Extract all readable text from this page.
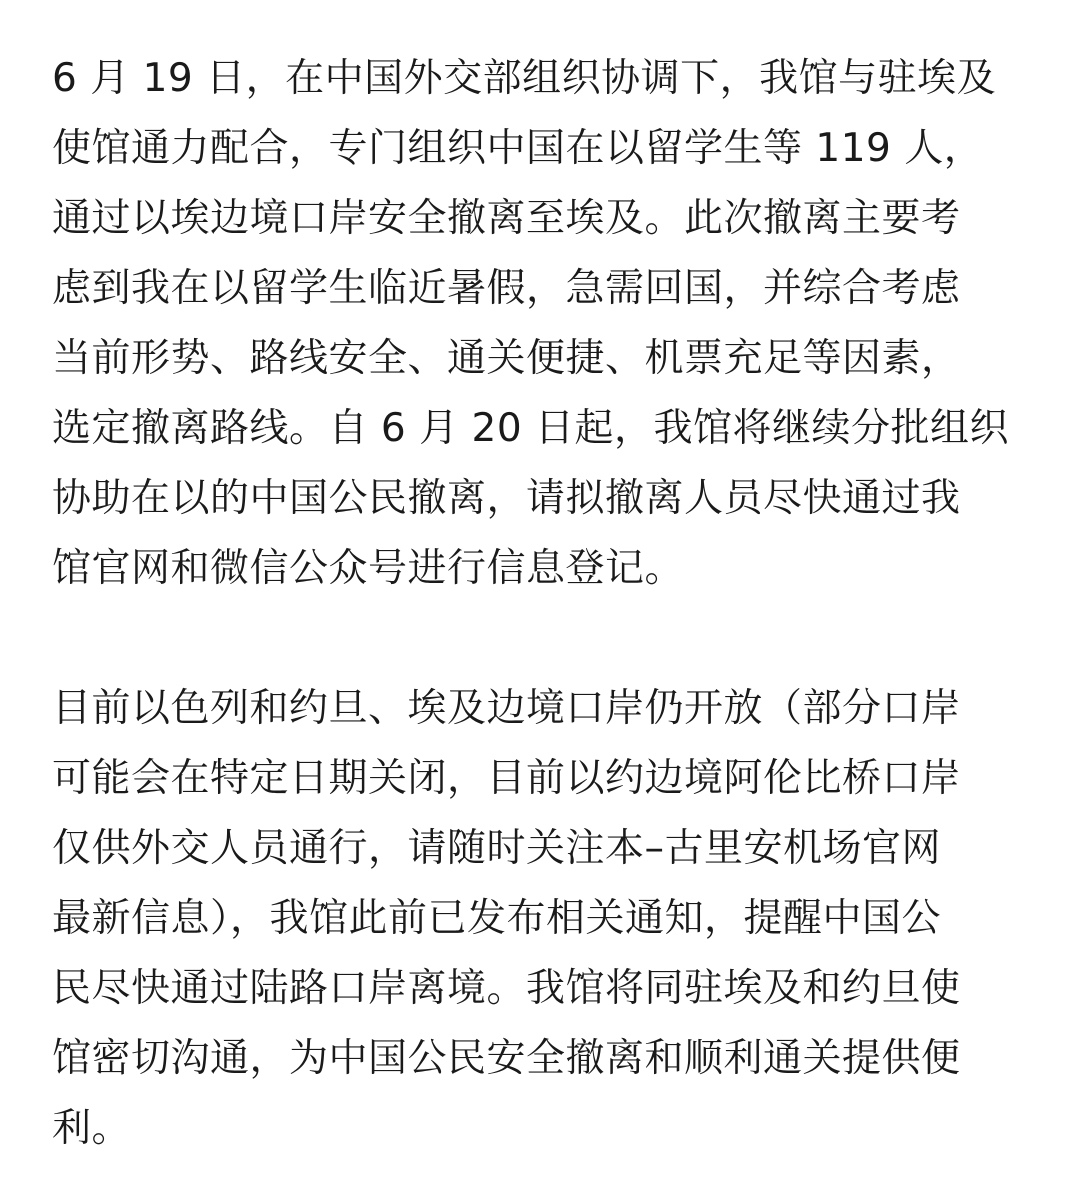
6 月 19 日，在中国外交部组织协调下，我馆与驻埃及
使馆通力配合，专门组织中国在以留学生等 119 人，
通过以埃边境口岸安全撤离至埃及。此次撤离主要考
虑到我在以留学生临近暑假，急需回国，并综合考虑
当前形势、路线安全、通关便捷、机票充足等因素，
选定撤离路线。自 6 月 20 日起，我馆将继续分批组织
协助在以的中国公民撤离，请拟撤离人员尽快通过我
馆官网和微信公众号进行信息登记。
目前以色列和约旦、埃及边境口岸仍开放（部分口岸
可能会在特定日期关闭，目前以约边境阿伦比桥口岸
仅供外交人员通行，请随时关注本–古里安机场官网
最新信息），我馆此前已发布相关通知，提醒中国公
民尽快通过陆路口岸离境。我馆将同驻埃及和约旦使
馆密切沟通，为中国公民安全撤离和顺利通关提供便
利。
